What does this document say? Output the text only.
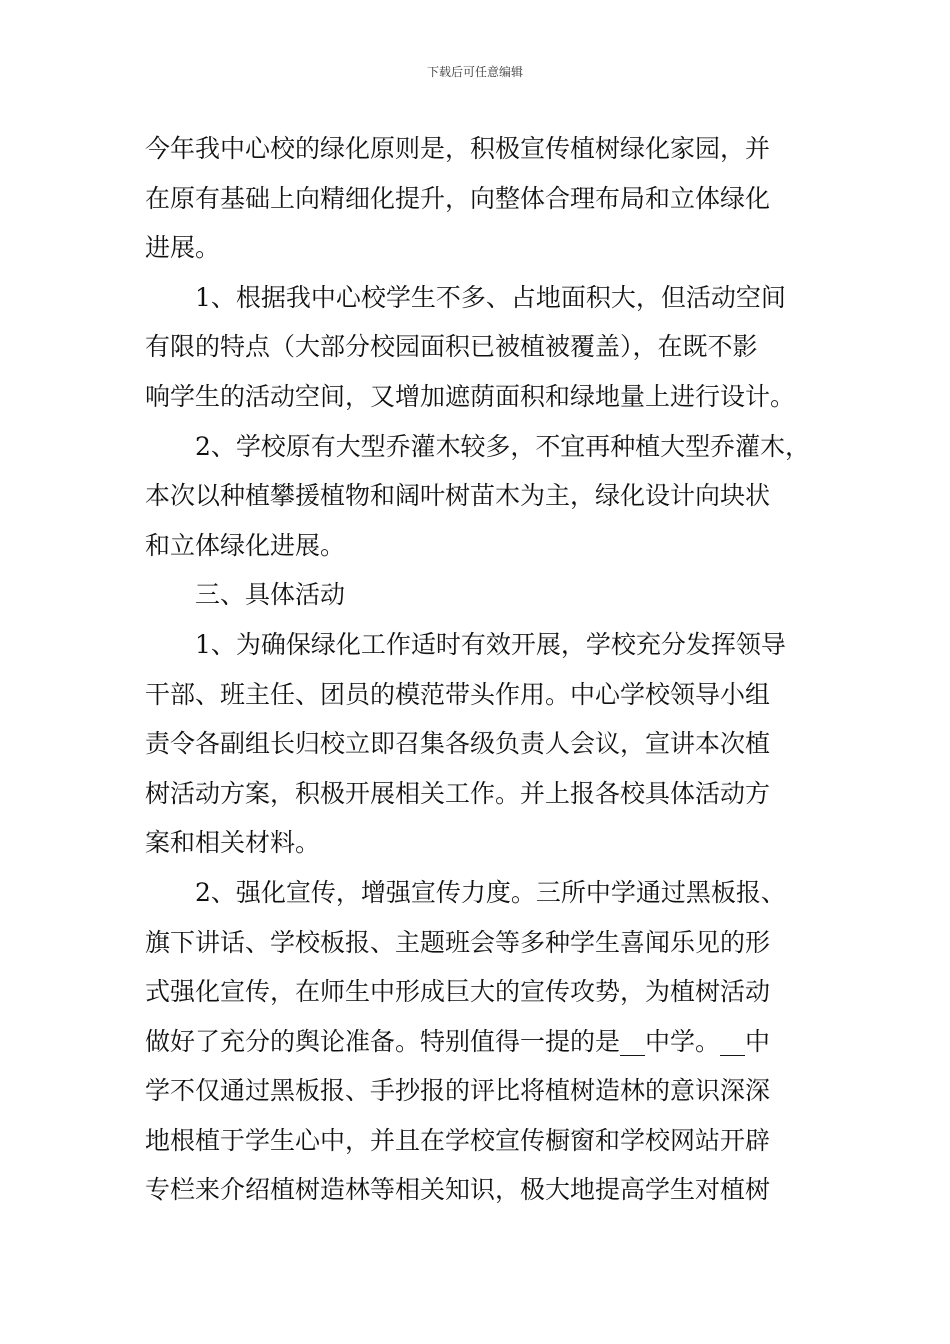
下载后可任意编辑
今年我中心校的绿化原则是，积极宣传植树绿化家园，并
在原有基础上向精细化提升，向整体合理布局和立体绿化
进展。
1、根据我中心校学生不多、占地面积大，但活动空间
有限的特点（大部分校园面积已被植被覆盖），在既不影
响学生的活动空间，又增加遮荫面积和绿地量上进行设计。
2、学校原有大型乔灌木较多，不宜再种植大型乔灌木，
本次以种植攀援植物和阔叶树苗木为主，绿化设计向块状
和立体绿化进展。
三、具体活动
1、为确保绿化工作适时有效开展，学校充分发挥领导
干部、班主任、团员的模范带头作用。中心学校领导小组
责令各副组长归校立即召集各级负责人会议，宣讲本次植
树活动方案，积极开展相关工作。并上报各校具体活动方
案和相关材料。
2、强化宣传，增强宣传力度。三所中学通过黑板报、
旗下讲话、学校板报、主题班会等多种学生喜闻乐见的形
式强化宣传，在师生中形成巨大的宣传攻势，为植树活动
做好了充分的舆论准备。特别值得一提的是__中学。__中
学不仅通过黑板报、手抄报的评比将植树造林的意识深深
地根植于学生心中，并且在学校宣传橱窗和学校网站开辟
专栏来介绍植树造林等相关知识，极大地提高学生对植树
